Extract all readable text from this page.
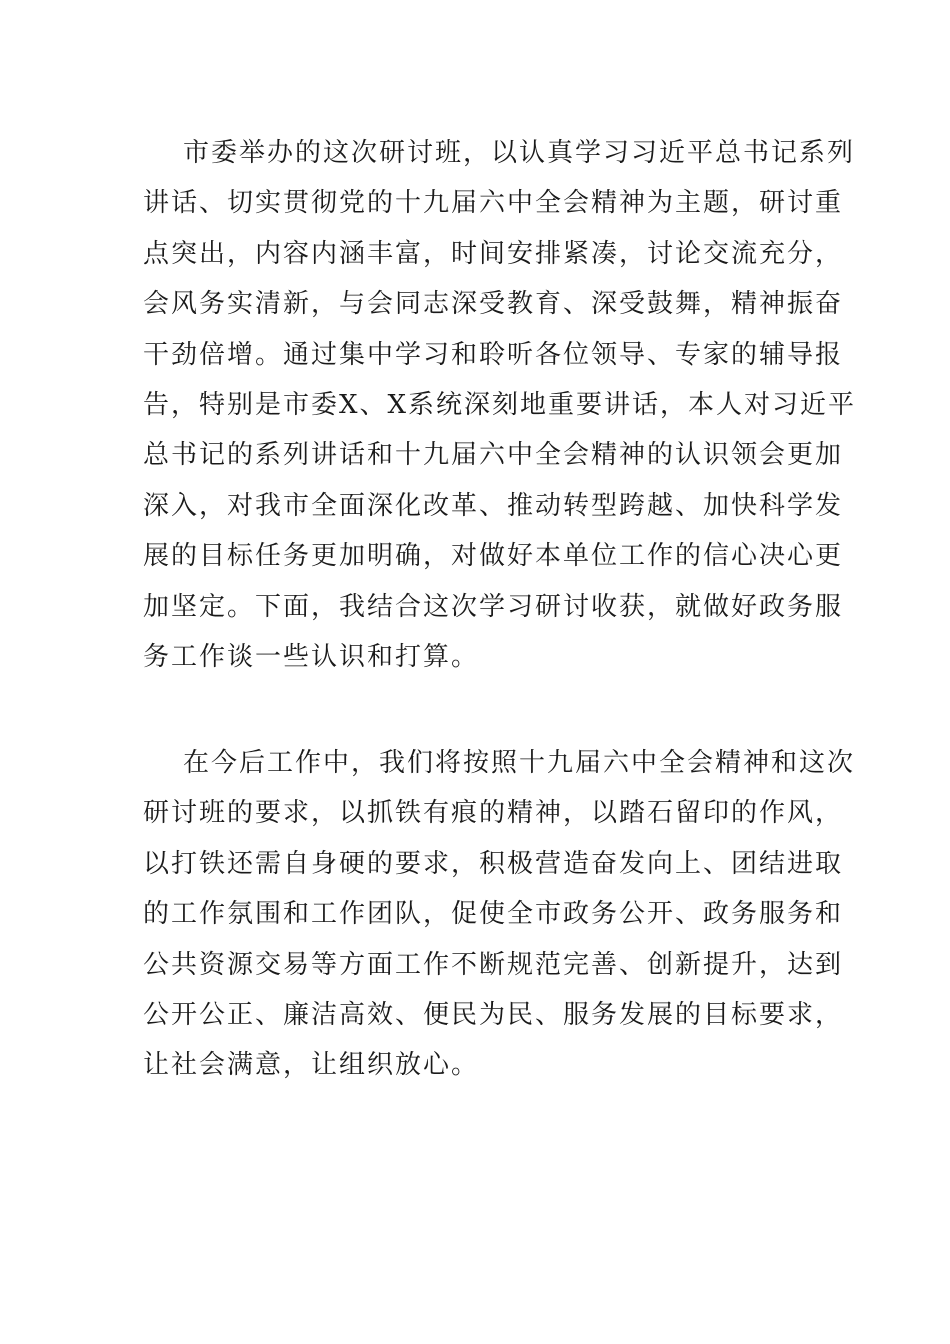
市委举办的这次研讨班，以认真学习习近平总书记系列
讲话、切实贯彻党的十九届六中全会精神为主题，研讨重
点突出，内容内涵丰富，时间安排紧凑，讨论交流充分，
会风务实清新，与会同志深受教育、深受鼓舞，精神振奋
干劲倍增。通过集中学习和聆听各位领导、专家的辅导报
告，特别是市委X、X系统深刻地重要讲话，本人对习近平
总书记的系列讲话和十九届六中全会精神的认识领会更加
深入，对我市全面深化改革、推动转型跨越、加快科学发
展的目标任务更加明确，对做好本单位工作的信心决心更
加坚定。下面，我结合这次学习研讨收获，就做好政务服
务工作谈一些认识和打算。
在今后工作中，我们将按照十九届六中全会精神和这次
研讨班的要求，以抓铁有痕的精神，以踏石留印的作风，
以打铁还需自身硬的要求，积极营造奋发向上、团结进取
的工作氛围和工作团队，促使全市政务公开、政务服务和
公共资源交易等方面工作不断规范完善、创新提升，达到
公开公正、廉洁高效、便民为民、服务发展的目标要求，
让社会满意，让组织放心。
